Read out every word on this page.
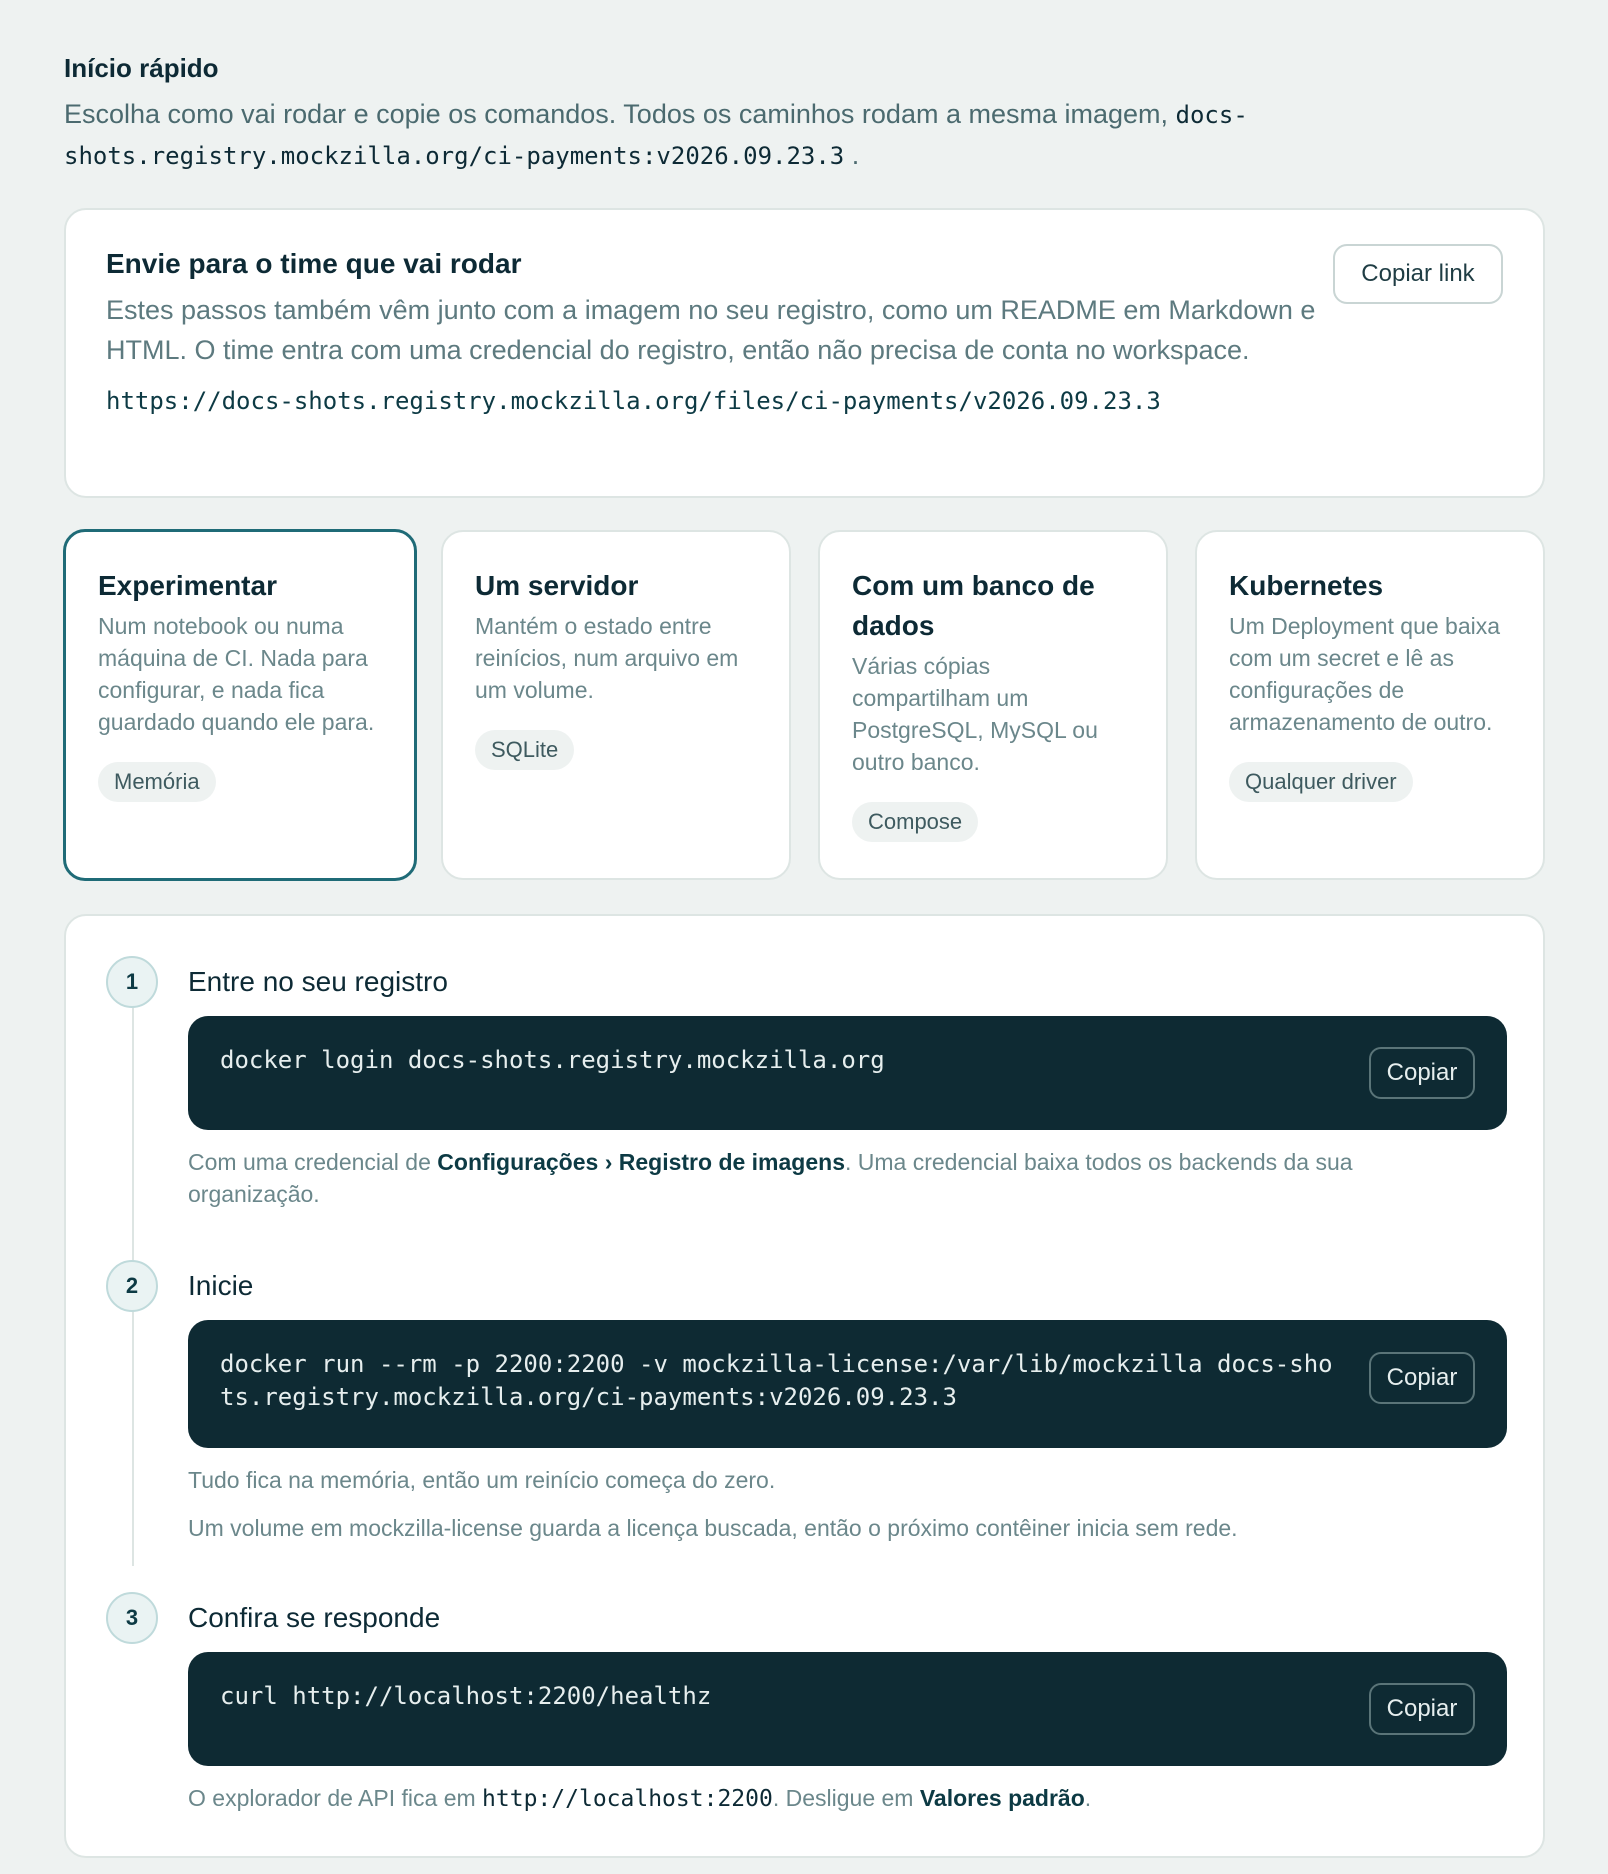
Início rápido

Escolha como vai rodar e copie os comandos. Todos os caminhos rodam a mesma imagem, docs-shots.registry.mockzilla.org/ci-payments:v2026.09.23.3 .

Envie para o time que vai rodar

Estes passos também vêm junto com a imagem no seu registro, como um README em Markdown e HTML. O time entra com uma credencial do registro, então não precisa de conta no workspace.

https://docs-shots.registry.mockzilla.org/files/ci-payments/v2026.09.23.3
Copiar link
Experimentar
Num notebook ou numa máquina de CI. Nada para configurar, e nada fica guardado quando ele para.
Memória
Um servidor
Mantém o estado entre reinícios, num arquivo em um volume.
SQLite
Com um banco de dados
Várias cópias compartilham um PostgreSQL, MySQL ou outro banco.
Compose
Kubernetes
Um Deployment que baixa com um secret e lê as configurações de armazenamento de outro.
Qualquer driver
1	Entre no seu registro
docker login docs-shots.registry.mockzilla.org	Copiar

Com uma credencial de Configurações › Registro de imagens. Uma credencial baixa todos os backends da sua organização.

2	Inicie
docker run --rm -p 2200:2200 -v mockzilla-license:/var/lib/mockzilla docs-shots.registry.mockzilla.org/ci-payments:v2026.09.23.3
Copiar

Tudo fica na memória, então um reinício começa do zero.

Um volume em mockzilla-license guarda a licença buscada, então o próximo contêiner inicia sem rede.

3	Confira se responde
curl http://localhost:2200/healthz	Copiar

O explorador de API fica em http://localhost:2200. Desligue em Valores padrão.
